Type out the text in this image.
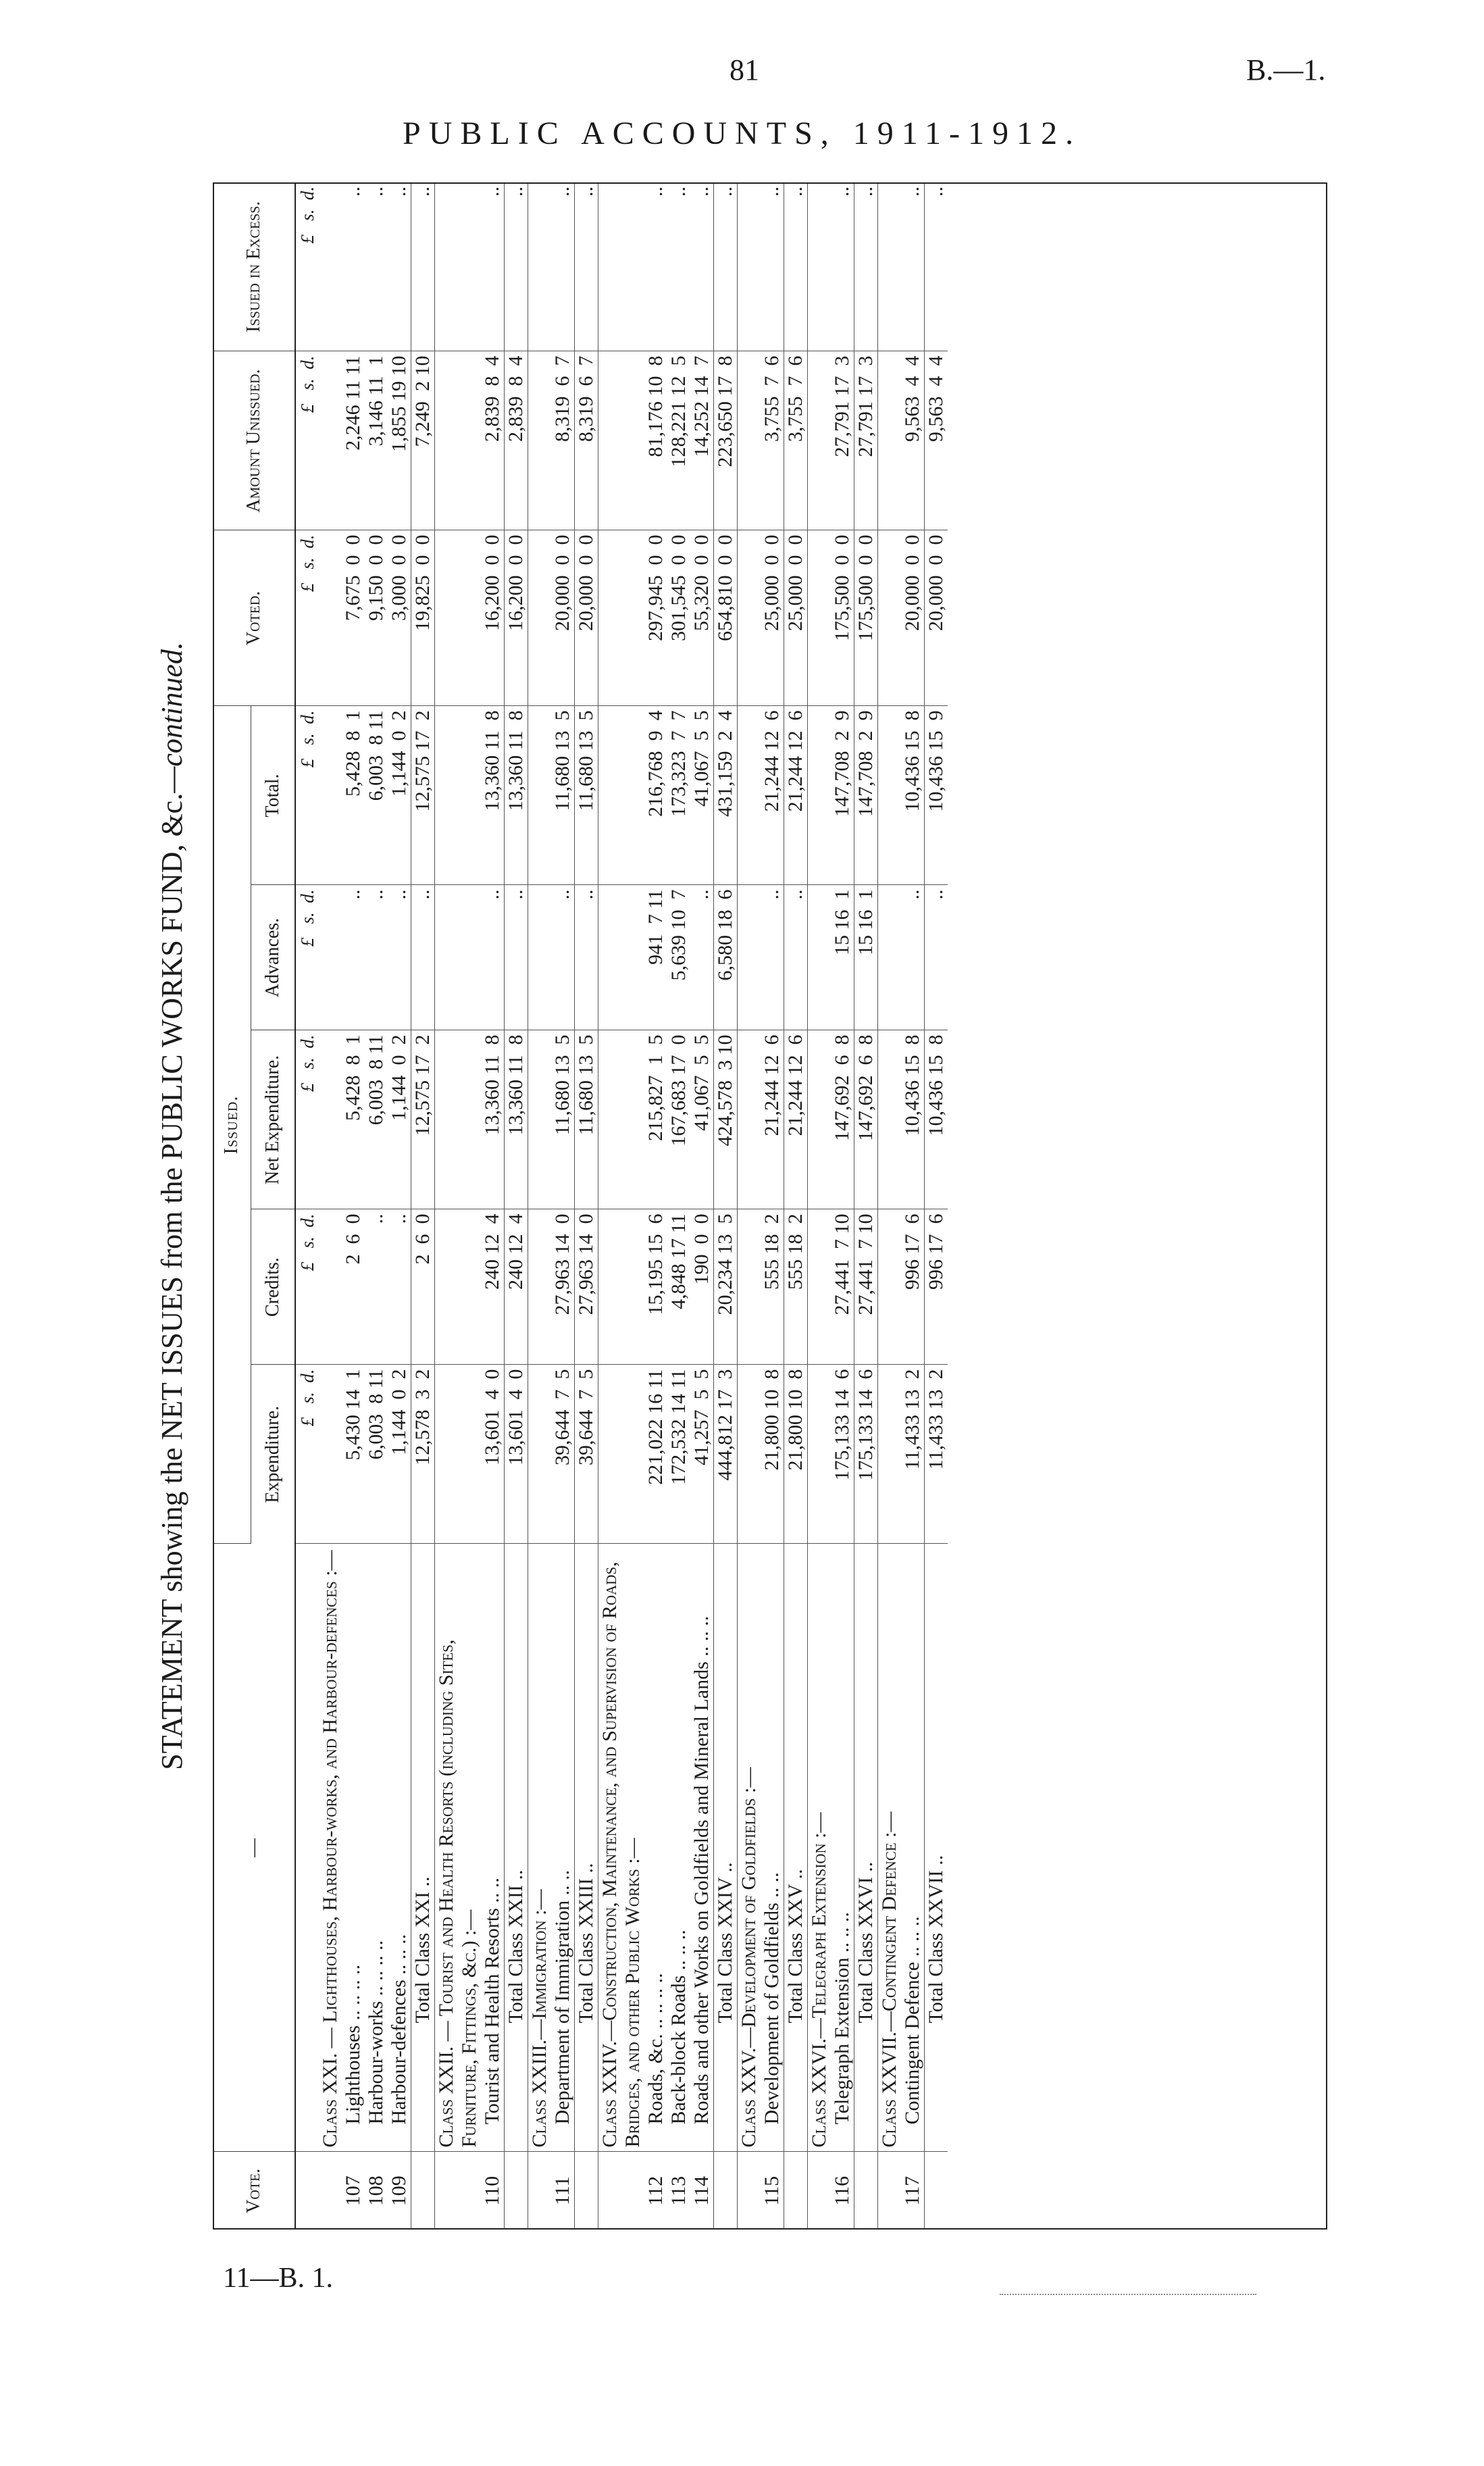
81	B.—1.
PUBLIC ACCOUNTS, 1911-1912.
STATEMENT showing the NET ISSUES from the PUBLIC WORKS FUND, &c.—continued.
Vote.	—	Issued.					Voted.	Amount Unissued.	Issued in Excess.
		Expenditure.	Credits.	Net Expenditure.	Advances.	Total.			
		£   s.  d.	£   s.  d.	£   s.  d.	£   s.  d.	£   s.  d.	£   s.  d.	£   s.  d.	£   s.  d.
	Class XXI. — Lighthouses, Harbour-works, and Harbour-defences :—								
107	Lighthouses .. .. .. ..	5,430 14  1	2  6  0	5,428  8  1	..	5,428  8  1	7,675  0  0	2,246 11 11	..
108	Harbour-works .. .. .. ..	6,003  8 11	..	6,003  8 11	..	6,003  8 11	9,150  0  0	3,146 11  1	..
109	Harbour-defences .. .. ..	1,144  0  2	..	1,144  0  2	..	1,144  0  2	3,000  0  0	1,855 19 10	..
	Total Class XXI ..	12,578  3  2	2  6  0	12,575 17  2	..	12,575 17  2	19,825  0  0	7,249  2 10	..
	Class XXII. — Tourist and Health Resorts (including Sites, Furniture, Fittings, &c.) :—								
110	Tourist and Health Resorts .. ..	13,601  4  0	240 12  4	13,360 11  8	..	13,360 11  8	16,200  0  0	2,839  8  4	..
	Total Class XXII ..	13,601  4  0	240 12  4	13,360 11  8	..	13,360 11  8	16,200  0  0	2,839  8  4	..
	Class XXIII.—Immigration :—								
111	Department of Immigration .. ..	39,644  7  5	27,963 14  0	11,680 13  5	..	11,680 13  5	20,000  0  0	8,319  6  7	..
	Total Class XXIII ..	39,644  7  5	27,963 14  0	11,680 13  5	..	11,680 13  5	20,000  0  0	8,319  6  7	..
	Class XXIV.—Construction, Maintenance, and Supervision of Roads, Bridges, and other Public Works :—								
112	Roads, &c. .. .. .. ..	221,022 16 11	15,195 15  6	215,827  1  5	941  7 11	216,768  9  4	297,945  0  0	81,176 10  8	..
113	Back-block Roads .. .. ..	172,532 14 11	4,848 17 11	167,683 17  0	5,639 10  7	173,323  7  7	301,545  0  0	128,221 12  5	..
114	Roads and other Works on Goldfields and Mineral Lands .. .. ..	41,257  5  5	190  0  0	41,067  5  5	..	41,067  5  5	55,320  0  0	14,252 14  7	..
	Total Class XXIV ..	444,812 17  3	20,234 13  5	424,578  3 10	6,580 18  6	431,159  2  4	654,810  0  0	223,650 17  8	..
	Class XXV.—Development of Goldfields :—								
115	Development of Goldfields .. ..	21,800 10  8	555 18  2	21,244 12  6	..	21,244 12  6	25,000  0  0	3,755  7  6	..
	Total Class XXV ..	21,800 10  8	555 18  2	21,244 12  6	..	21,244 12  6	25,000  0  0	3,755  7  6	..
	Class XXVI.—Telegraph Extension :—								
116	Telegraph Extension .. .. ..	175,133 14  6	27,441  7 10	147,692  6  8	15 16  1	147,708  2  9	175,500  0  0	27,791 17  3	..
	Total Class XXVI ..	175,133 14  6	27,441  7 10	147,692  6  8	15 16  1	147,708  2  9	175,500  0  0	27,791 17  3	..
	Class XXVII.—Contingent Defence :—								
117	Contingent Defence .. .. ..	11,433 13  2	996 17  6	10,436 15  8	..	10,436 15  8	20,000  0  0	9,563  4  4	..
	Total Class XXVII ..	11,433 13  2	996 17  6	10,436 15  8	..	10,436 15  9	20,000  0  0	9,563  4  4	..
11—B. 1.
